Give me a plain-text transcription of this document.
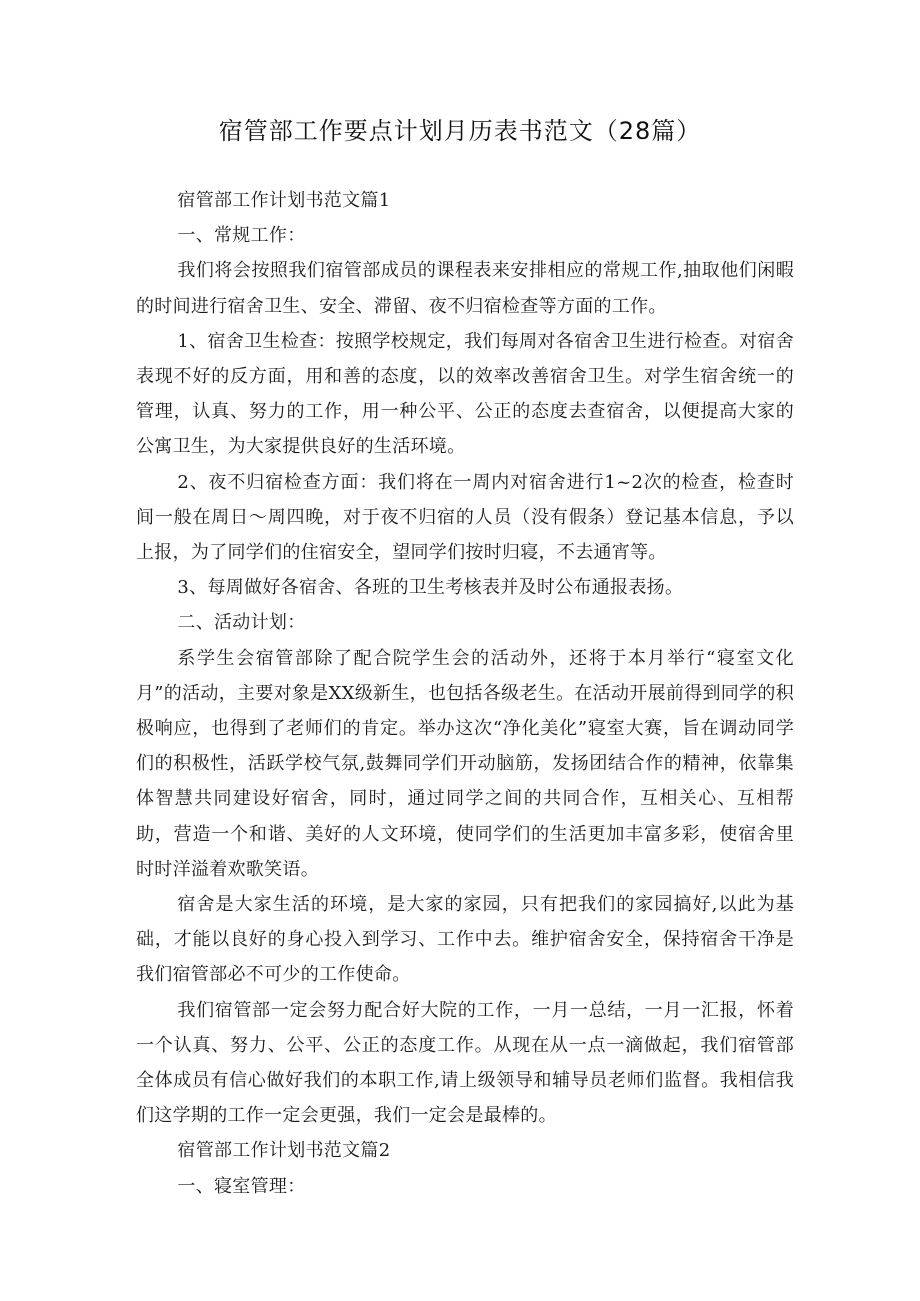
宿管部工作要点计划月历表书范文（28篇）

宿管部工作计划书范文篇1

一、常规工作：

我们将会按照我们宿管部成员的课程表来安排相应的常规工作,抽取他们闲暇的时间进行宿舍卫生、安全、滞留、夜不归宿检查等方面的工作。

1、宿舍卫生检查：按照学校规定，我们每周对各宿舍卫生进行检查。对宿舍表现不好的反方面，用和善的态度，以的效率改善宿舍卫生。对学生宿舍统一的管理，认真、努力的工作，用一种公平、公正的态度去查宿舍，以便提高大家的公寓卫生，为大家提供良好的生活环境。

2、夜不归宿检查方面：我们将在一周内对宿舍进行1~2次的检查，检查时间一般在周日～周四晚，对于夜不归宿的人员（没有假条）登记基本信息，予以上报，为了同学们的住宿安全，望同学们按时归寝，不去通宵等。

3、每周做好各宿舍、各班的卫生考核表并及时公布通报表扬。

二、活动计划：

系学生会宿管部除了配合院学生会的活动外，还将于本月举行“寝室文化月”的活动，主要对象是XX级新生，也包括各级老生。在活动开展前得到同学的积极响应，也得到了老师们的肯定。举办这次“净化美化”寝室大赛，旨在调动同学们的积极性，活跃学校气氛,鼓舞同学们开动脑筋，发扬团结合作的精神，依靠集体智慧共同建设好宿舍，同时，通过同学之间的共同合作，互相关心、互相帮助，营造一个和谐、美好的人文环境，使同学们的生活更加丰富多彩，使宿舍里时时洋溢着欢歌笑语。

宿舍是大家生活的环境，是大家的家园，只有把我们的家园搞好,以此为基础，才能以良好的身心投入到学习、工作中去。维护宿舍安全，保持宿舍干净是我们宿管部必不可少的工作使命。

我们宿管部一定会努力配合好大院的工作，一月一总结，一月一汇报，怀着一个认真、努力、公平、公正的态度工作。从现在从一点一滴做起，我们宿管部全体成员有信心做好我们的本职工作,请上级领导和辅导员老师们监督。我相信我们这学期的工作一定会更强，我们一定会是最棒的。

宿管部工作计划书范文篇2

一、寝室管理：
